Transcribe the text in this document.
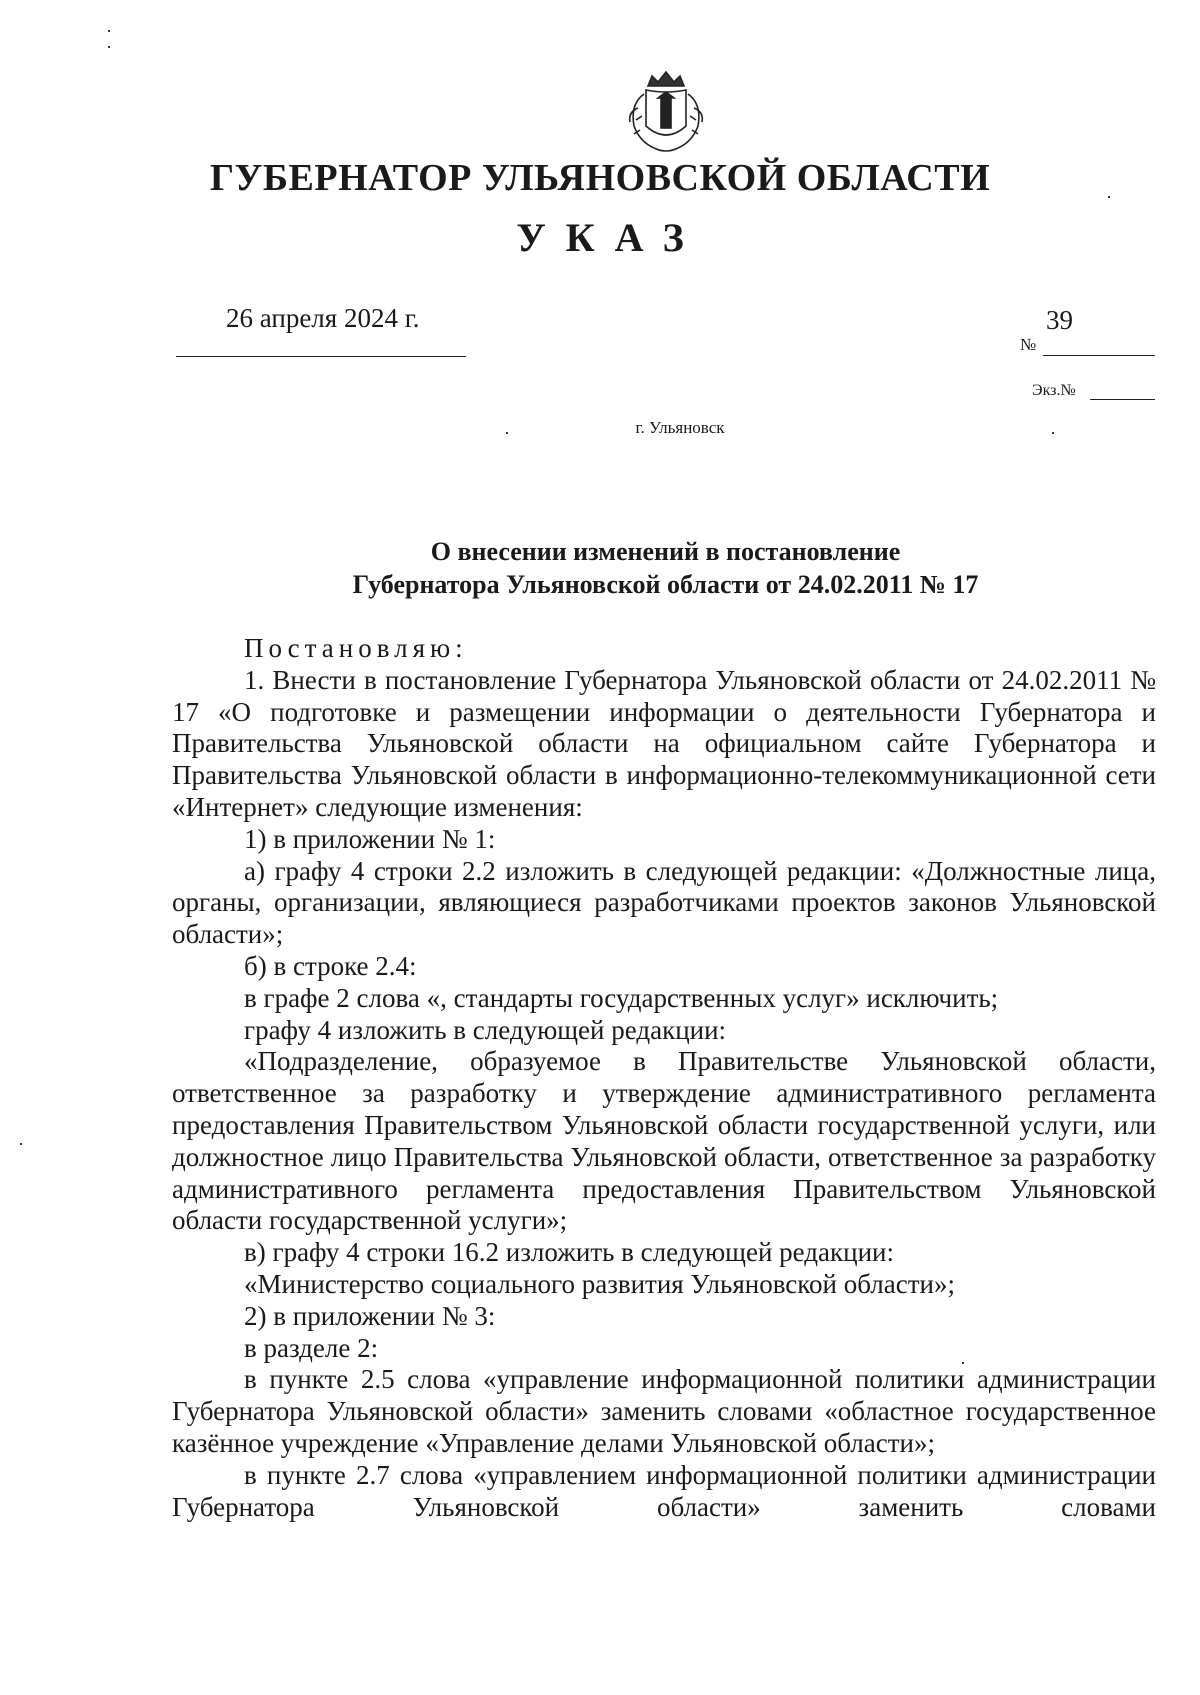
ГУБЕРНАТОР УЛЬЯНОВСКОЙ ОБЛАСТИ
УКАЗ
26 апреля 2024 г.	39
№
Экз.№
г. Ульяновск
О внесении изменений в постановление
Губернатора Ульяновской области от 24.02.2011 № 17

Постановляю:

1. Внести в постановление Губернатора Ульяновской области от 24.02.2011 № 17 «О подготовке и размещении информации о деятельности Губернатора и Правительства Ульяновской области на официальном сайте Губернатора и Правительства Ульяновской области в информационно-телекоммуникационной сети «Интернет» следующие изменения:

1) в приложении № 1:

а) графу 4 строки 2.2 изложить в следующей редакции: «Должностные лица, органы, организации, являющиеся разработчиками проектов законов Ульяновской области»;

б) в строке 2.4:

в графе 2 слова «, стандарты государственных услуг» исключить;

графу 4 изложить в следующей редакции:

«Подразделение, образуемое в Правительстве Ульяновской области, ответственное за разработку и утверждение административного регламента предоставления Правительством Ульяновской области государственной услуги, или должностное лицо Правительства Ульяновской области, ответственное за разработку административного регламента предоставления Правительством Ульяновской области государственной услуги»;

в) графу 4 строки 16.2 изложить в следующей редакции:

«Министерство социального развития Ульяновской области»;

2) в приложении № 3:

в разделе 2:

в пункте 2.5 слова «управление информационной политики администрации Губернатора Ульяновской области» заменить словами «областное государственное казённое учреждение «Управление делами Ульяновской области»;

в пункте 2.7 слова «управлением информационной политики администрации Губернатора Ульяновской области» заменить словами
